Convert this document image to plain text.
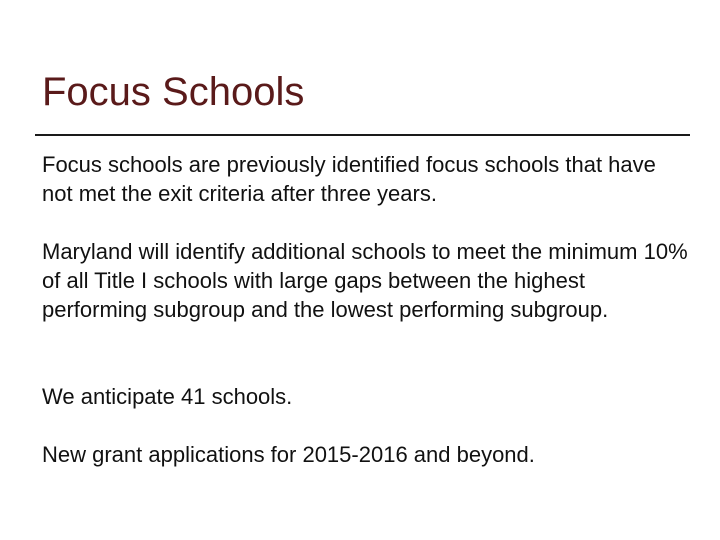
Focus Schools
Focus schools are previously identified focus schools that have not met the exit criteria after three years.
Maryland will identify additional schools to meet the minimum 10% of all Title I schools with large gaps between the highest performing subgroup and the lowest performing subgroup.
We anticipate 41 schools.
New grant applications for 2015-2016 and beyond.
